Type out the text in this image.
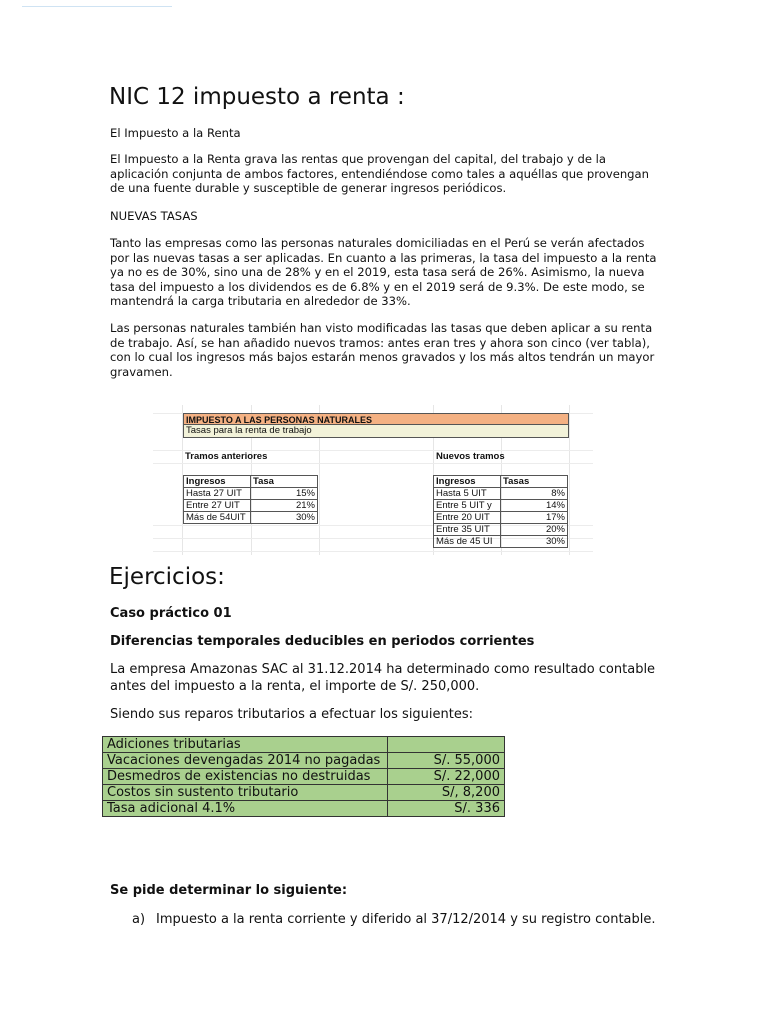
NIC 12 impuesto a renta :

El Impuesto a la Renta

El Impuesto a la Renta grava las rentas que provengan del capital, del trabajo y de la
aplicación conjunta de ambos factores, entendiéndose como tales a aquéllas que provengan
de una fuente durable y susceptible de generar ingresos periódicos.

NUEVAS TASAS

Tanto las empresas como las personas naturales domiciliadas en el Perú se verán afectados
por las nuevas tasas a ser aplicadas. En cuanto a las primeras, la tasa del impuesto a la renta
ya no es de 30%, sino una de 28% y en el 2019, esta tasa será de 26%. Asimismo, la nueva
tasa del impuesto a los dividendos es de 6.8% y en el 2019 será de 9.3%. De este modo, se
mantendrá la carga tributaria en alrededor de 33%.
Las personas naturales también han visto modificadas las tasas que deben aplicar a su renta
de trabajo. Así, se han añadido nuevos tramos: antes eran tres y ahora son cinco (ver tabla),
con lo cual los ingresos más bajos estarán menos gravados y los más altos tendrán un mayor
gravamen.
IMPUESTO A LAS PERSONAS NATURALES
Tasas para la renta de trabajo
Tramos anteriores	Nuevos tramos
Ingresos	Tasa
Hasta 27 UIT	15%
Entre 27 UIT	21%
Más de 54UIT	30%
Ingresos	Tasas
Hasta 5 UIT	8%
Entre 5 UIT y	14%
Entre 20 UIT	17%
Entre 35 UIT	20%
Más de 45 UI	30%
Ejercicios:

Caso práctico 01

Diferencias temporales deducibles en periodos corrientes

La empresa Amazonas SAC al 31.12.2014 ha determinado como resultado contable
antes del impuesto a la renta, el importe de S/. 250,000.

Siendo sus reparos tributarios a efectuar los siguientes:

Adiciones tributarias	
Vacaciones devengadas 2014 no pagadas	S/. 55,000
Desmedros de existencias no destruidas	S/. 22,000
Costos sin sustento tributario	S/, 8,200
Tasa adicional 4.1%	S/. 336

Se pide determinar lo siguiente:

a) Impuesto a la renta corriente y diferido al 37/12/2014 y su registro contable.
